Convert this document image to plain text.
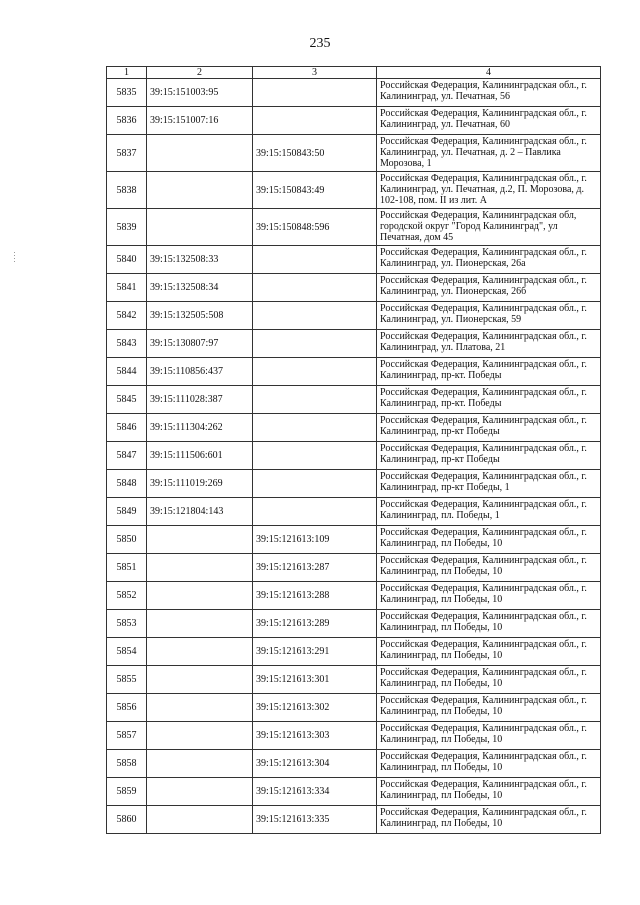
235
1	2	3	4
5835	39:15:151003:95		Российская Федерация, Калининградская обл., г. Калининград, ул. Печатная, 56
5836	39:15:151007:16		Российская Федерация, Калининградская обл., г. Калининград, ул. Печатная, 60
5837		39:15:150843:50	Российская Федерация, Калининградская обл., г. Калининград, ул. Печатная, д. 2 – Павлика Морозова, 1
5838		39:15:150843:49	Российская Федерация, Калининградская обл., г. Калининград, ул. Печатная, д.2, П. Морозова, д. 102-108, пом. II из лит. А
5839		39:15:150848:596	Российская Федерация, Калининградская обл, городской округ "Город Калининград", ул Печатная, дом 45
5840	39:15:132508:33		Российская Федерация, Калининградская обл., г. Калининград, ул. Пионерская, 26а
5841	39:15:132508:34		Российская Федерация, Калининградская обл., г. Калининград, ул. Пионерская, 26б
5842	39:15:132505:508		Российская Федерация, Калининградская обл., г. Калининград, ул. Пионерская, 59
5843	39:15:130807:97		Российская Федерация, Калининградская обл., г. Калининград, ул. Платова, 21
5844	39:15:110856:437		Российская Федерация, Калининградская обл., г. Калининград, пр-кт. Победы
5845	39:15:111028:387		Российская Федерация, Калининградская обл., г. Калининград, пр-кт. Победы
5846	39:15:111304:262		Российская Федерация, Калининградская обл., г. Калининград, пр-кт Победы
5847	39:15:111506:601		Российская Федерация, Калининградская обл., г. Калининград, пр-кт Победы
5848	39:15:111019:269		Российская Федерация, Калининградская обл., г. Калининград, пр-кт Победы, 1
5849	39:15:121804:143		Российская Федерация, Калининградская обл., г. Калининград, пл. Победы, 1
5850		39:15:121613:109	Российская Федерация, Калининградская обл., г. Калининград, пл Победы, 10
5851		39:15:121613:287	Российская Федерация, Калининградская обл., г. Калининград, пл Победы, 10
5852		39:15:121613:288	Российская Федерация, Калининградская обл., г. Калининград, пл Победы, 10
5853		39:15:121613:289	Российская Федерация, Калининградская обл., г. Калининград, пл Победы, 10
5854		39:15:121613:291	Российская Федерация, Калининградская обл., г. Калининград, пл Победы, 10
5855		39:15:121613:301	Российская Федерация, Калининградская обл., г. Калининград, пл Победы, 10
5856		39:15:121613:302	Российская Федерация, Калининградская обл., г. Калининград, пл Победы, 10
5857		39:15:121613:303	Российская Федерация, Калининградская обл., г. Калининград, пл Победы, 10
5858		39:15:121613:304	Российская Федерация, Калининградская обл., г. Калининград, пл Победы, 10
5859		39:15:121613:334	Российская Федерация, Калининградская обл., г. Калининград, пл Победы, 10
5860		39:15:121613:335	Российская Федерация, Калининградская обл., г. Калининград, пл Победы, 10
